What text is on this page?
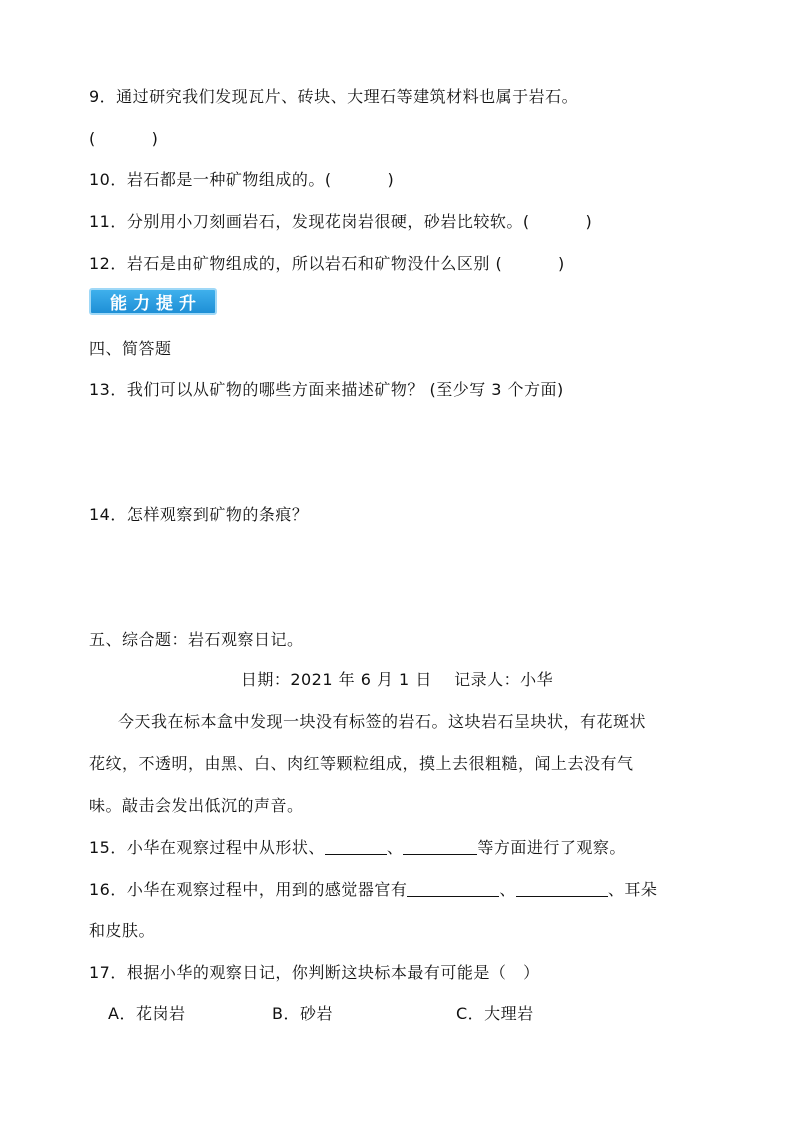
9．通过研究我们发现瓦片、砖块、大理石等建筑材料也属于岩石。
(          )
10．岩石都是一种矿物组成的。(          )
11．分别用小刀刻画岩石，发现花岗岩很硬，砂岩比较软。(          )
12．岩石是由矿物组成的，所以岩石和矿物没什么区别 (          )
能力提升
四、简答题
13．我们可以从矿物的哪些方面来描述矿物？ (至少写 3 个方面)
14．怎样观察到矿物的条痕？
五、综合题：岩石观察日记。
日期：2021 年 6 月 1 日    记录人：小华
今天我在标本盒中发现一块没有标签的岩石。这块岩石呈块状，有花斑状
花纹，不透明，由黑、白、肉红等颗粒组成，摸上去很粗糙，闻上去没有气
味。敲击会发出低沉的声音。
15．小华在观察过程中从形状、	、	等方面进行了观察。
16．小华在观察过程中，用到的感觉器官有	、	、耳朵
和皮肤。
17．根据小华的观察日记，你判断这块标本最有可能是（   ）
A．花岗岩	B．砂岩	C．大理岩
